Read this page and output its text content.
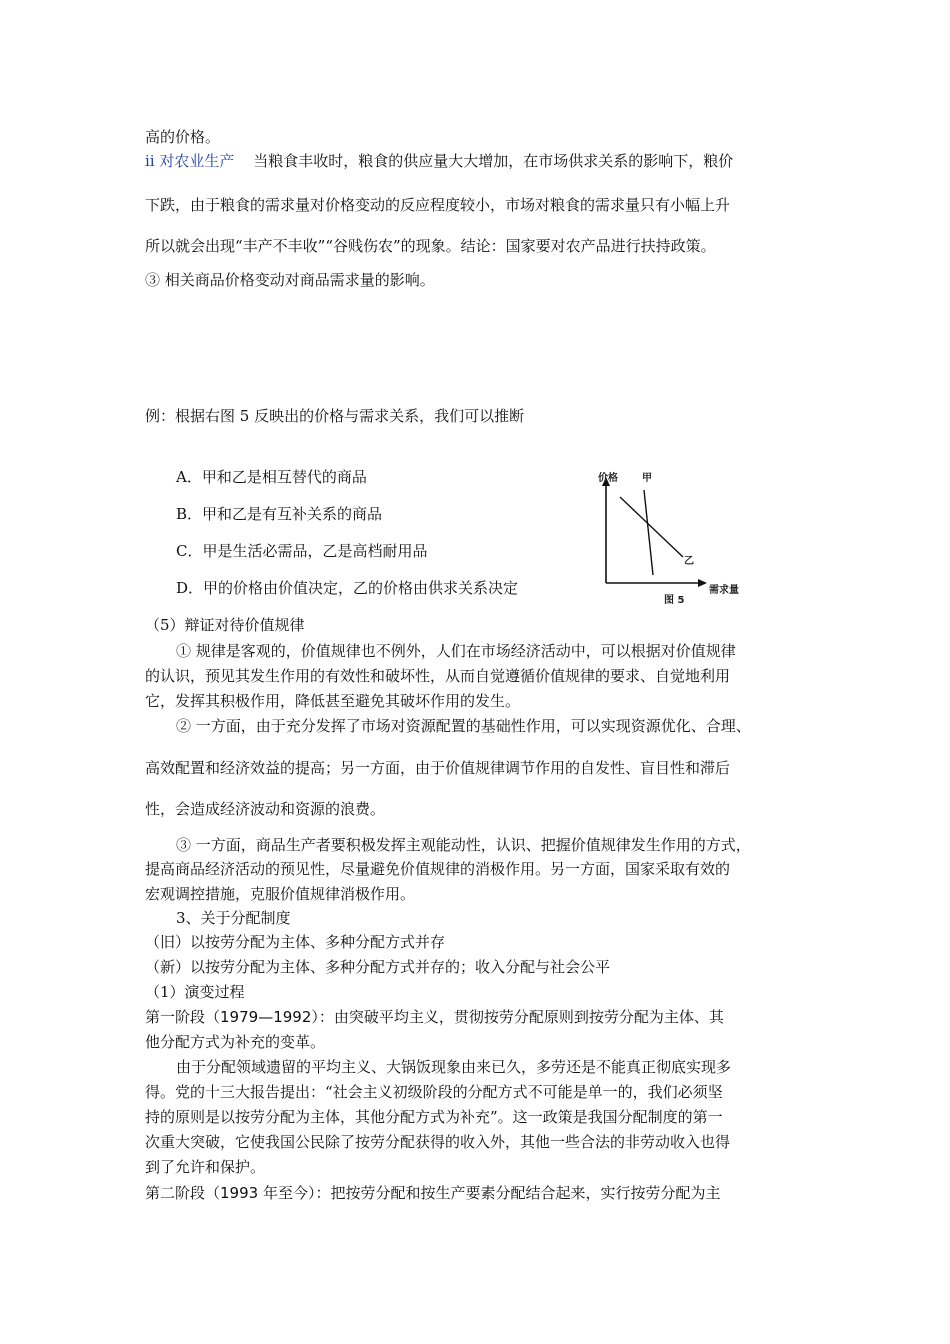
高的价格。
ⅱ 对农业生产 当粮食丰收时，粮食的供应量大大增加，在市场供求关系的影响下，粮价
下跌，由于粮食的需求量对价格变动的反应程度较小，市场对粮食的需求量只有小幅上升
所以就会出现“丰产不丰收”“谷贱伤农”的现象。结论：国家要对农产品进行扶持政策。
③ 相关商品价格变动对商品需求量的影响。
例：根据右图 5 反映出的价格与需求关系，我们可以推断
A．甲和乙是相互替代的商品
B．甲和乙是有互补关系的商品
C．甲是生活必需品，乙是高档耐用品
D．甲的价格由价值决定，乙的价格由供求关系决定
价格 甲
乙
需求量
图 5
（5）辩证对待价值规律
① 规律是客观的，价值规律也不例外，人们在市场经济活动中，可以根据对价值规律
的认识，预见其发生作用的有效性和破坏性，从而自觉遵循价值规律的要求、自觉地利用
它，发挥其积极作用，降低甚至避免其破坏作用的发生。
② 一方面，由于充分发挥了市场对资源配置的基础性作用，可以实现资源优化、合理、
高效配置和经济效益的提高；另一方面，由于价值规律调节作用的自发性、盲目性和滞后
性，会造成经济波动和资源的浪费。
③ 一方面，商品生产者要积极发挥主观能动性，认识、把握价值规律发生作用的方式，
提高商品经济活动的预见性，尽量避免价值规律的消极作用。另一方面，国家采取有效的
宏观调控措施，克服价值规律消极作用。
3、关于分配制度
（旧）以按劳分配为主体、多种分配方式并存
（新）以按劳分配为主体、多种分配方式并存的；收入分配与社会公平
（1）演变过程
第一阶段（1979—1992）：由突破平均主义，贯彻按劳分配原则到按劳分配为主体、其
他分配方式为补充的变革。
由于分配领域遗留的平均主义、大锅饭现象由来已久，多劳还是不能真正彻底实现多
得。党的十三大报告提出：“社会主义初级阶段的分配方式不可能是单一的，我们必须坚
持的原则是以按劳分配为主体，其他分配方式为补充”。这一政策是我国分配制度的第一
次重大突破，它使我国公民除了按劳分配获得的收入外，其他一些合法的非劳动收入也得
到了允许和保护。
第二阶段（1993 年至今）：把按劳分配和按生产要素分配结合起来，实行按劳分配为主
